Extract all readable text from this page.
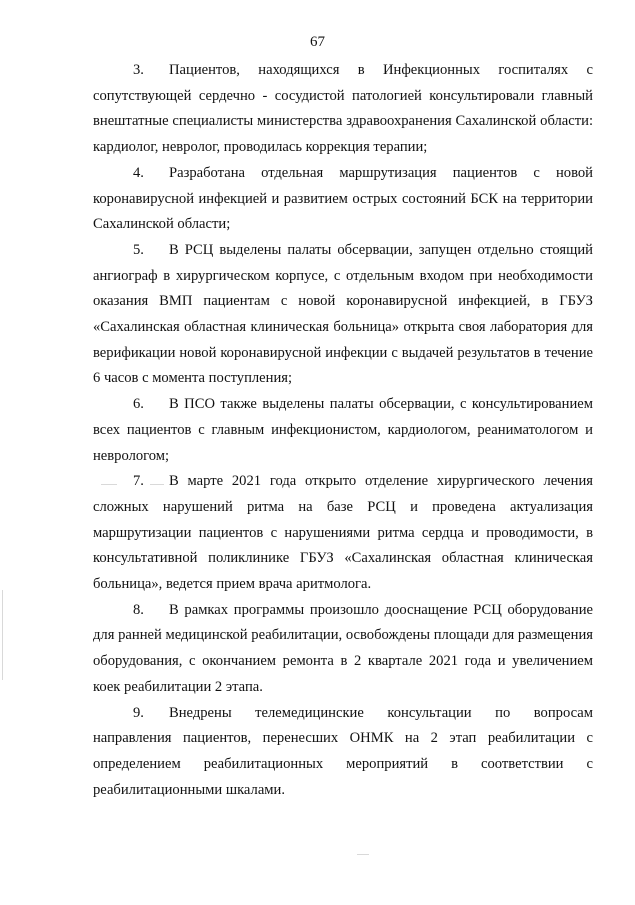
67

3. Пациентов, находящихся в Инфекционных госпиталях с сопутствующей сердечно - сосудистой патологией консультировали главный внештатные специалисты министерства здравоохранения Сахалинской области: кардиолог, невролог, проводилась коррекция терапии;

4. Разработана отдельная маршрутизация пациентов с новой коронавирусной инфекцией и развитием острых состояний БСК на территории Сахалинской области;

5. В РСЦ выделены палаты обсервации, запущен отдельно стоящий ангиограф в хирургическом корпусе, с отдельным входом при необходимости оказания ВМП пациентам с новой коронавирусной инфекцией, в ГБУЗ «Сахалинская областная клиническая больница» открыта своя лаборатория для верификации новой коронавирусной инфекции с выдачей результатов в течение 6 часов с момента поступления;

6. В ПСО также выделены палаты обсервации, с консультированием всех пациентов с главным инфекционистом, кардиологом, реаниматологом и неврологом;

7. В марте 2021 года открыто отделение хирургического лечения сложных нарушений ритма на базе РСЦ и проведена актуализация маршрутизации пациентов с нарушениями ритма сердца и проводимости, в консультативной поликлинике ГБУЗ «Сахалинская областная клиническая больница», ведется прием врача аритмолога.

8. В рамках программы произошло дооснащение РСЦ оборудование для ранней медицинской реабилитации, освобождены площади для размещения оборудования, с окончанием ремонта в 2 квартале 2021 года и увеличением коек реабилитации 2 этапа.

9. Внедрены телемедицинские консультации по вопросам направления пациентов, перенесших ОНМК на 2 этап реабилитации с определением реабилитационных мероприятий в соответствии с реабилитационными шкалами.
